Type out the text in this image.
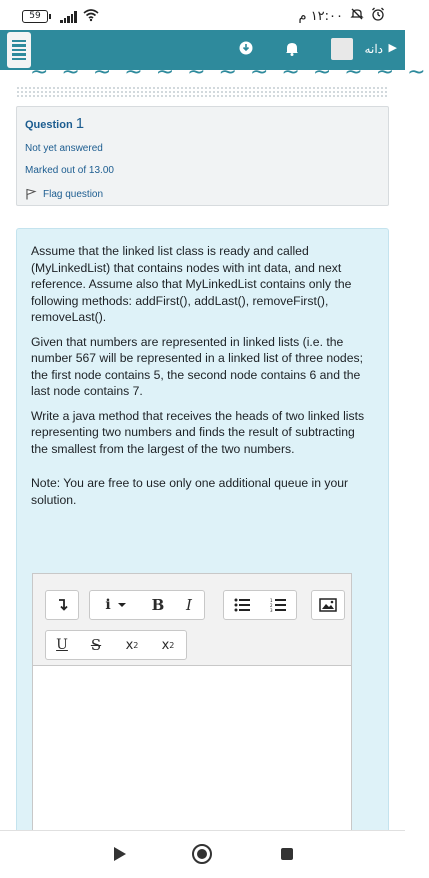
59	١٢:٠٠ م
دانه ▶
~ ~ ~ ~ ~ ~ ~ ~ ~ ~ ~ ~ ~
Question 1
Not yet answered
Marked out of 13.00
Flag question

Assume that the linked list class is ready and called (MyLinkedList) that contains nodes with int data, and next reference. Assume also that MyLinkedList contains only the following methods: addFirst(), addLast(), removeFirst(), removeLast().

Given that numbers are represented in linked lists (i.e. the number 567 will be represented in a linked list of three nodes; the first node contains 5, the second node contains 6 and the last node contains 7.

Write a java method that receives the heads of two linked lists representing two numbers and finds the result of subtracting the smallest from the largest of the two numbers.

Note: You are free to use only one additional queue in your solution.

i	B	I	1
2
3
U	S	x 2 x 2
